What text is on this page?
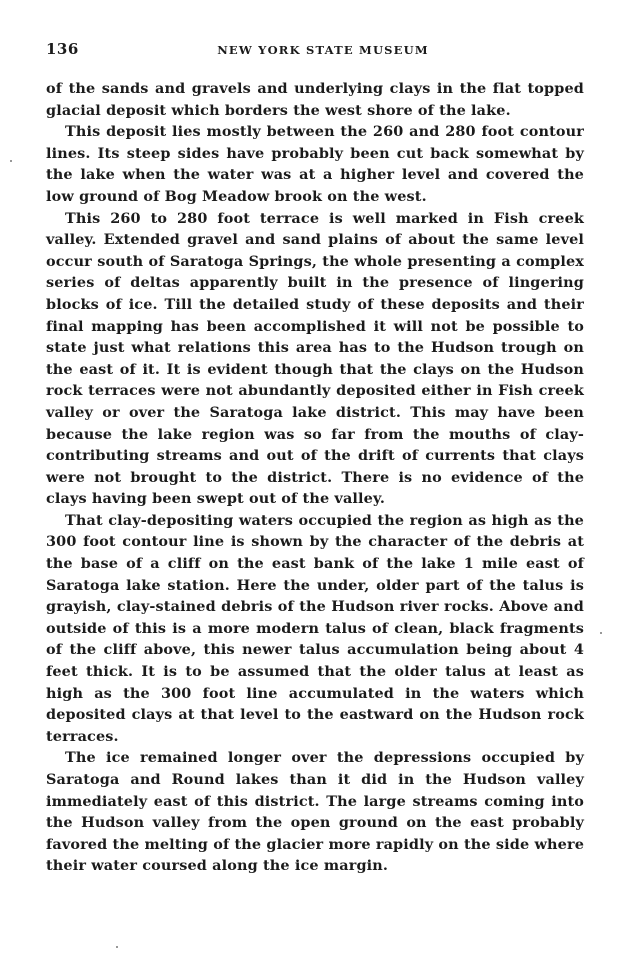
136	NEW YORK STATE MUSEUM

of the sands and gravels and underlying clays in the flat topped glacial deposit which borders the west shore of the lake.

This deposit lies mostly between the 260 and 280 foot contour lines. Its steep sides have probably been cut back somewhat by the lake when the water was at a higher level and covered the low ground of Bog Meadow brook on the west.

This 260 to 280 foot terrace is well marked in Fish creek valley. Extended gravel and sand plains of about the same level occur south of Saratoga Springs, the whole presenting a complex series of deltas apparently built in the presence of lingering blocks of ice. Till the detailed study of these deposits and their final mapping has been accomplished it will not be possible to state just what relations this area has to the Hudson trough on the east of it. It is evident though that the clays on the Hudson rock terraces were not abundantly deposited either in Fish creek valley or over the Saratoga lake district. This may have been because the lake region was so far from the mouths of clay-contributing streams and out of the drift of currents that clays were not brought to the district. There is no evidence of the clays having been swept out of the valley.

That clay-depositing waters occupied the region as high as the 300 foot contour line is shown by the character of the debris at the base of a cliff on the east bank of the lake 1 mile east of Saratoga lake station. Here the under, older part of the talus is grayish, clay-stained debris of the Hudson river rocks. Above and outside of this is a more modern talus of clean, black fragments of the cliff above, this newer talus accumulation being about 4 feet thick. It is to be assumed that the older talus at least as high as the 300 foot line accumulated in the waters which deposited clays at that level to the eastward on the Hudson rock terraces.

The ice remained longer over the depressions occupied by Saratoga and Round lakes than it did in the Hudson valley immediately east of this district. The large streams coming into the Hudson valley from the open ground on the east probably favored the melting of the glacier more rapidly on the side where their water coursed along the ice margin.
